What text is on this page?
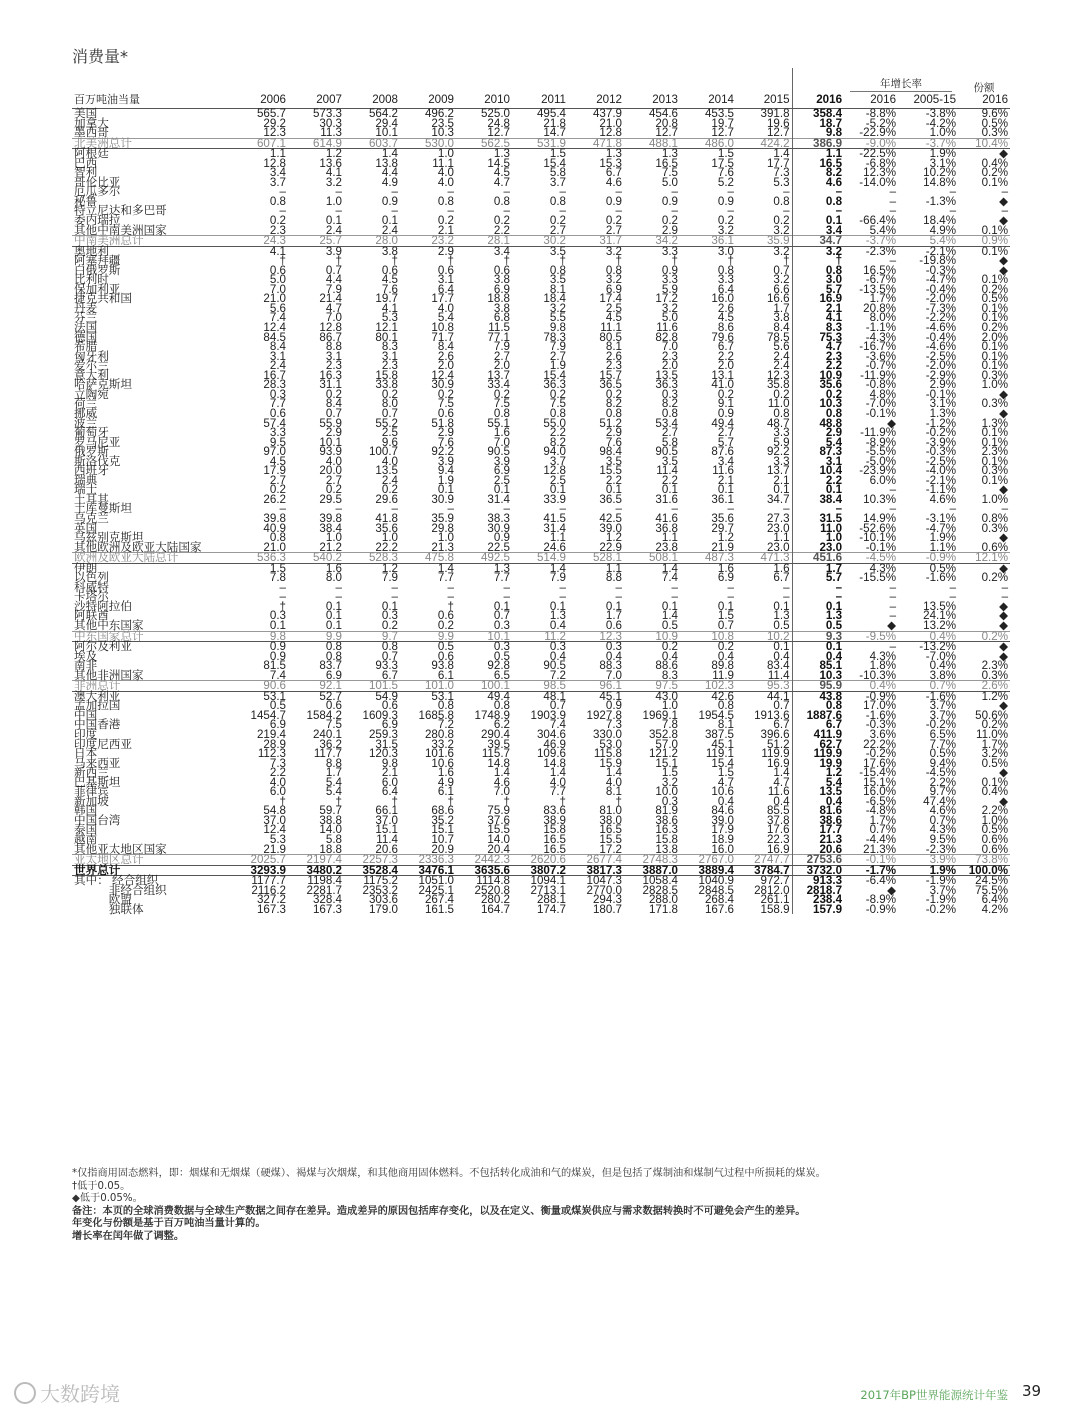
消费量*

												年增长率		份额
百万吨油当量	2006	2007	2008	2009	2010	2011	2012	2013	2014	2015	2016	2016	2005-15	2016
美国	565.7	573.3	564.2	496.2	525.0	495.4	437.9	454.6	453.5	391.8	358.4	-8.8%	-3.8%	9.6%
加拿大	29.2	30.3	29.4	23.5	24.8	21.8	21.0	20.8	19.7	19.6	18.7	-5.2%	-4.2%	0.5%
墨西哥	12.3	11.3	10.1	10.3	12.7	14.7	12.8	12.7	12.7	12.7	9.8	-22.9%	1.0%	0.3%
北美洲总计	607.1	614.9	603.7	530.0	562.5	531.9	471.8	488.1	486.0	424.2	386.9	-9.0%	-3.7%	10.4%
阿根廷	1.1	1.2	1.4	1.0	1.3	1.5	1.3	1.3	1.5	1.4	1.1	-22.5%	1.9%	◆
巴西	12.8	13.6	13.8	11.1	14.5	15.4	15.3	16.5	17.5	17.7	16.5	-6.8%	3.1%	0.4%
智利	3.4	4.1	4.4	4.0	4.5	5.8	6.7	7.5	7.6	7.3	8.2	12.3%	10.2%	0.2%
哥伦比亚	3.7	3.2	4.9	4.0	4.7	3.7	4.6	5.0	5.2	5.3	4.6	-14.0%	14.8%	0.1%
厄瓜多尔	–	–	–	–	–	–	–	–	–	–	–	–	–	–
秘鲁	0.8	1.0	0.9	0.8	0.8	0.8	0.9	0.9	0.9	0.8	0.8	–	-1.3%	◆
特立尼达和多巴哥	–	–	–	–	–	–	–	–	–	–	–	–	–	–
委内瑞拉	0.2	0.1	0.1	0.2	0.2	0.2	0.2	0.2	0.2	0.2	0.1	-66.4%	18.4%	◆
其他中南美洲国家	2.3	2.4	2.4	2.1	2.2	2.7	2.7	2.9	3.2	3.2	3.4	5.4%	4.9%	0.1%
中南美洲总计	24.3	25.7	28.0	23.2	28.1	30.2	31.7	34.2	36.1	35.9	34.7	-3.7%	5.4%	0.9%
奥地利	4.1	3.9	3.8	2.9	3.4	3.5	3.2	3.3	3.0	3.2	3.2	-2.3%	-2.1%	0.1%
阿塞拜疆	†	†	†	†	†	†	†	†	†	†	†	–	-19.8%	◆
白俄罗斯	0.6	0.7	0.6	0.6	0.6	0.8	0.8	0.9	0.8	0.7	0.8	16.5%	-0.3%	◆
比利时	5.0	4.4	4.5	3.1	3.8	3.5	3.2	3.3	3.3	3.2	3.0	-6.7%	-4.7%	0.1%
保加利亚	7.0	7.9	7.6	6.4	6.9	8.1	6.9	5.9	6.4	6.6	5.7	-13.5%	-0.4%	0.2%
捷克共和国	21.0	21.4	19.7	17.7	18.8	18.4	17.4	17.2	16.0	16.6	16.9	1.7%	-2.0%	0.5%
丹麦	5.6	4.7	4.1	4.0	3.8	3.2	2.5	3.2	2.6	1.7	2.1	20.8%	-7.3%	0.1%
芬兰	7.4	7.0	5.3	5.4	6.8	5.5	4.5	5.0	4.5	3.8	4.1	8.0%	-2.2%	0.1%
法国	12.4	12.8	12.1	10.8	11.5	9.8	11.1	11.6	8.6	8.4	8.3	-1.1%	-4.6%	0.2%
德国	84.5	86.7	80.1	71.7	77.1	78.3	80.5	82.8	79.6	78.5	75.3	-4.3%	-0.4%	2.0%
希腊	8.4	8.8	8.3	8.4	7.9	7.9	8.1	7.0	6.7	5.6	4.7	-16.7%	-4.6%	0.1%
匈牙利	3.1	3.1	3.1	2.6	2.7	2.7	2.6	2.3	2.2	2.4	2.3	-3.6%	-2.5%	0.1%
爱尔兰	2.4	2.3	2.3	2.0	2.0	1.9	2.3	2.0	2.0	2.4	2.2	-0.7%	-2.0%	0.1%
意大利	16.7	16.3	15.8	12.4	13.7	15.4	15.7	13.5	13.1	12.3	10.9	-11.9%	-2.9%	0.3%
哈萨克斯坦	28.3	31.1	33.8	30.9	33.4	36.3	36.5	36.3	41.0	35.8	35.6	-0.8%	2.9%	1.0%
立陶宛	0.3	0.2	0.2	0.2	0.2	0.2	0.2	0.3	0.2	0.2	0.2	4.8%	-0.1%	◆
荷兰	7.7	8.4	8.0	7.5	7.5	7.5	8.2	8.2	9.1	11.0	10.3	-7.0%	3.1%	0.3%
挪威	0.6	0.7	0.7	0.6	0.8	0.8	0.8	0.8	0.9	0.8	0.8	-0.1%	1.3%	◆
波兰	57.4	55.9	55.2	51.8	55.1	55.0	51.2	53.4	49.4	48.7	48.8	◆	-1.2%	1.3%
葡萄牙	3.3	2.9	2.5	2.9	1.6	2.2	2.9	2.7	2.7	3.3	2.9	-11.9%	-0.2%	0.1%
罗马尼亚	9.5	10.1	9.6	7.6	7.0	8.2	7.6	5.8	5.7	5.9	5.4	-8.9%	-3.9%	0.1%
俄罗斯	97.0	93.9	100.7	92.2	90.5	94.0	98.4	90.5	87.6	92.2	87.3	-5.5%	-0.3%	2.3%
斯洛伐克	4.5	4.0	4.0	3.9	3.9	3.7	3.5	3.5	3.4	3.3	3.1	-5.0%	-2.5%	0.1%
西班牙	17.9	20.0	13.5	9.4	6.9	12.8	15.5	11.4	11.6	13.7	10.4	-23.9%	-4.0%	0.3%
瑞典	2.7	2.7	2.4	1.9	2.5	2.5	2.2	2.2	2.1	2.1	2.2	6.0%	-2.1%	0.1%
瑞士	0.2	0.2	0.2	0.1	0.1	0.1	0.1	0.1	0.1	0.1	0.1	–	-1.1%	◆
土耳其	26.2	29.5	29.6	30.9	31.4	33.9	36.5	31.6	36.1	34.7	38.4	10.3%	4.6%	1.0%
土库曼斯坦	–	–	–	–	–	–	–	–	–	–	–	–	–	–
乌克兰	39.8	39.8	41.8	35.9	38.3	41.5	42.5	41.6	35.6	27.3	31.5	14.9%	-3.1%	0.8%
英国	40.9	38.4	35.6	29.8	30.9	31.4	39.0	36.8	29.7	23.0	11.0	-52.6%	-4.7%	0.3%
乌兹别克斯坦	0.8	1.0	1.0	1.0	0.9	1.1	1.2	1.1	1.2	1.1	1.0	-10.1%	1.9%	◆
其他欧洲及欧亚大陆国家	21.0	21.2	22.2	21.3	22.5	24.6	22.9	23.8	21.9	23.0	23.0	-0.1%	1.1%	0.6%
欧洲及欧亚大陆总计	536.3	540.2	528.3	475.8	492.5	514.9	528.1	508.1	487.3	471.3	451.6	-4.5%	-0.9%	12.1%
伊朗	1.5	1.6	1.2	1.4	1.3	1.4	1.1	1.4	1.6	1.6	1.7	4.3%	0.5%	◆
以色列	7.8	8.0	7.9	7.7	7.7	7.9	8.8	7.4	6.9	6.7	5.7	-15.5%	-1.6%	0.2%
科威特	–	–	–	–	–	–	–	–	–	–	–	–	–	–
卡塔尔	–	–	–	–	–	–	–	–	–	–	–	–	–	–
沙特阿拉伯	†	0.1	0.1	†	0.1	0.1	0.1	0.1	0.1	0.1	0.1	–	13.5%	◆
阿联酋	0.3	0.1	0.3	0.6	0.7	1.3	1.7	1.4	1.5	1.3	1.3	–	24.1%	◆
其他中东国家	0.1	0.1	0.2	0.2	0.3	0.4	0.6	0.5	0.7	0.5	0.5	◆	13.2%	◆
中东国家总计	9.8	9.9	9.7	9.9	10.1	11.2	12.3	10.9	10.8	10.2	9.3	-9.5%	0.4%	0.2%
阿尔及利亚	0.9	0.8	0.8	0.5	0.3	0.3	0.3	0.2	0.2	0.1	0.1	–	-13.2%	◆
埃及	0.9	0.8	0.7	0.6	0.5	0.4	0.4	0.4	0.4	0.4	0.4	4.3%	-7.0%	◆
南非	81.5	83.7	93.3	93.8	92.8	90.5	88.3	88.6	89.8	83.4	85.1	1.8%	0.4%	2.3%
其他非洲国家	7.4	6.9	6.7	6.1	6.5	7.2	7.0	8.3	11.9	11.4	10.3	-10.3%	3.8%	0.3%
非洲总计	90.6	92.1	101.5	101.0	100.1	98.5	96.1	97.5	102.3	95.3	95.9	0.4%	0.7%	2.6%
澳大利亚	53.1	52.7	54.9	53.1	49.4	48.1	45.1	43.0	42.6	44.1	43.8	-0.9%	-1.6%	1.2%
孟加拉国	0.5	0.6	0.6	0.8	0.8	0.7	0.9	1.0	0.8	0.7	0.8	17.0%	3.7%	◆
中国	1454.7	1584.2	1609.3	1685.8	1748.9	1903.9	1927.8	1969.1	1954.5	1913.6	1887.6	-1.6%	3.7%	50.6%
中国香港	6.9	7.5	6.9	7.2	6.2	7.4	7.3	7.8	8.1	6.7	6.7	-0.3%	-0.2%	0.2%
印度	219.4	240.1	259.3	280.8	290.4	304.6	330.0	352.8	387.5	396.6	411.9	3.6%	6.5%	11.0%
印度尼西亚	28.9	36.2	31.5	33.2	39.5	46.9	53.0	57.0	45.1	51.2	62.7	22.2%	7.7%	1.7%
日本	112.3	117.7	120.3	101.6	115.7	109.6	115.8	121.2	119.1	119.9	119.9	-0.2%	0.5%	3.2%
马来西亚	7.3	8.8	9.8	10.6	14.8	14.8	15.9	15.1	15.4	16.9	19.9	17.6%	9.4%	0.5%
新西兰	2.2	1.7	2.1	1.6	1.4	1.4	1.4	1.5	1.5	1.4	1.2	-15.4%	-4.5%	◆
巴基斯坦	4.0	5.4	6.0	4.9	4.6	4.0	4.0	3.2	4.7	4.7	5.4	15.1%	2.2%	0.1%
菲律宾	6.0	5.4	6.4	6.1	7.0	7.7	8.1	10.0	10.6	11.6	13.5	16.0%	9.7%	0.4%
新加坡	†	†	†	†	†	†	†	0.3	0.4	0.4	0.4	-6.5%	47.4%	◆
韩国	54.8	59.7	66.1	68.6	75.9	83.6	81.0	81.9	84.6	85.5	81.6	-4.8%	4.6%	2.2%
中国台湾	37.0	38.8	37.0	35.2	37.6	38.9	38.0	38.6	39.0	37.8	38.6	1.7%	0.7%	1.0%
泰国	12.4	14.0	15.1	15.1	15.5	15.8	16.5	16.3	17.9	17.6	17.7	0.7%	4.3%	0.5%
越南	5.3	5.8	11.4	10.7	14.0	16.5	15.5	15.8	18.9	22.3	21.3	-4.4%	9.5%	0.6%
其他亚太地区国家	21.9	18.8	20.6	20.9	20.4	16.5	17.2	13.8	16.0	16.9	20.6	21.3%	-2.3%	0.6%
亚太地区总计	2025.7	2197.4	2257.3	2336.3	2442.3	2620.6	2677.4	2748.3	2767.0	2747.7	2753.6	-0.1%	3.9%	73.8%
世界总计	3293.9	3480.2	3528.4	3476.1	3635.6	3807.2	3817.3	3887.0	3889.4	3784.7	3732.0	-1.7%	1.9%	100.0%
其中： 经合组织	1177.7	1198.4	1175.2	1051.0	1114.8	1094.1	1047.3	1058.4	1040.9	972.7	913.3	-6.4%	-1.9%	24.5%
　　　非经合组织	2116.2	2281.7	2353.2	2425.1	2520.8	2713.1	2770.0	2828.5	2848.5	2812.0	2818.7	◆	3.7%	75.5%
　　　欧盟	327.2	328.4	303.6	267.4	280.2	288.1	294.3	288.0	268.4	261.1	238.4	-8.9%	-1.9%	6.4%
　　　独联体	167.3	167.3	179.0	161.5	164.7	174.7	180.7	171.8	167.6	158.9	157.9	-0.9%	-0.2%	4.2%
*仅指商用固态燃料，即：烟煤和无烟煤（硬煤）、褐煤与次烟煤，和其他商用固体燃料。不包括转化成油和气的煤炭，但是包括了煤制油和煤制气过程中所损耗的煤炭。
†低于0.05。
◆低于0.05%。
备注：本页的全球消费数据与全球生产数据之间存在差异。造成差异的原因包括库存变化，以及在定义、衡量或煤炭供应与需求数据转换时不可避免会产生的差异。
年变化与份额是基于百万吨油当量计算的。
增长率在闰年做了调整。
大数跨境	2017年BP世界能源统计年鉴 39
